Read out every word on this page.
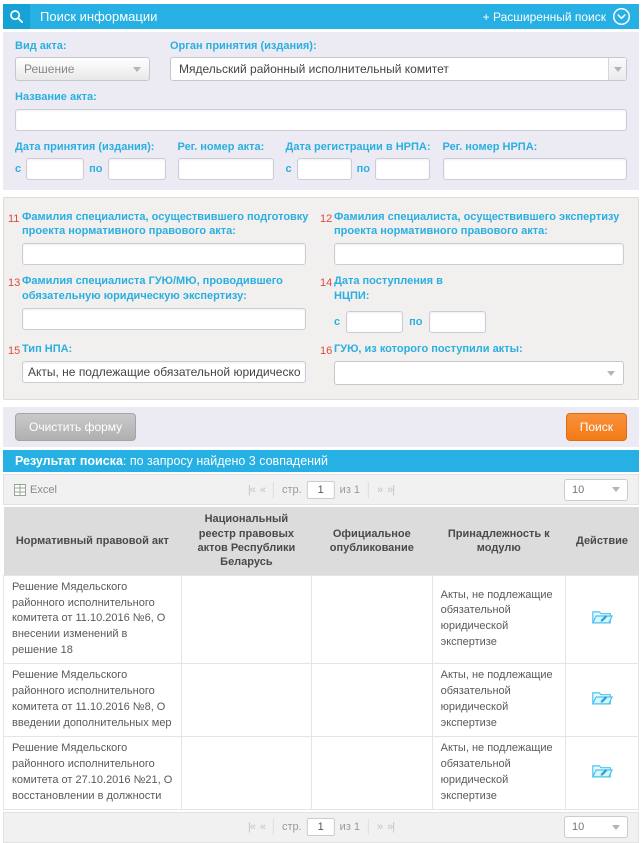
Поиск информации	+ Расширенный поиск
Вид акта:
Решение
Орган принятия (издания):
Мядельский районный исполнительный комитет
Название акта:
Дата принятия (издания):
с	по
Рег. номер акта:	Дата регистрации в НРПА:
с	по
Рег. номер НРПА:
11 Фамилия специалиста, осуществившего подготовку проекта нормативного правового акта:
12 Фамилия специалиста, осуществившего экспертизу проекта нормативного правового акта:
13 Фамилия специалиста ГУЮ/МЮ, проводившего обязательную юридическую экспертизу:
14 Дата поступления в НЦПИ:
с	по
15 Тип НПА:
Акты, не подлежащие обязательной юридической экспертизе	16 ГУЮ, из которого поступили акты:
Очистить форму	Поиск
Результат поиска : по запросу найдено 3 совпадений
Excel	|« « стр.
1	из 1 » »|	10
Нормативный правовой акт	Национальный реестр правовых актов Республики Беларусь	Официальное опубликование	Принадлежность к модулю	Действие
Решение Мядельского районного исполнительного комитета от 11.10.2016 №6, О внесении изменений в решение 18			Акты, не подлежащие обязательной юридической экспертизе	
Решение Мядельского районного исполнительного комитета от 11.10.2016 №8, О введении дополнительных мер			Акты, не подлежащие обязательной юридической экспертизе	
Решение Мядельского районного исполнительного комитета от 27.10.2016 №21, О восстановлении в должности			Акты, не подлежащие обязательной юридической экспертизе	
|« « стр.
1	из 1 » »|	10
